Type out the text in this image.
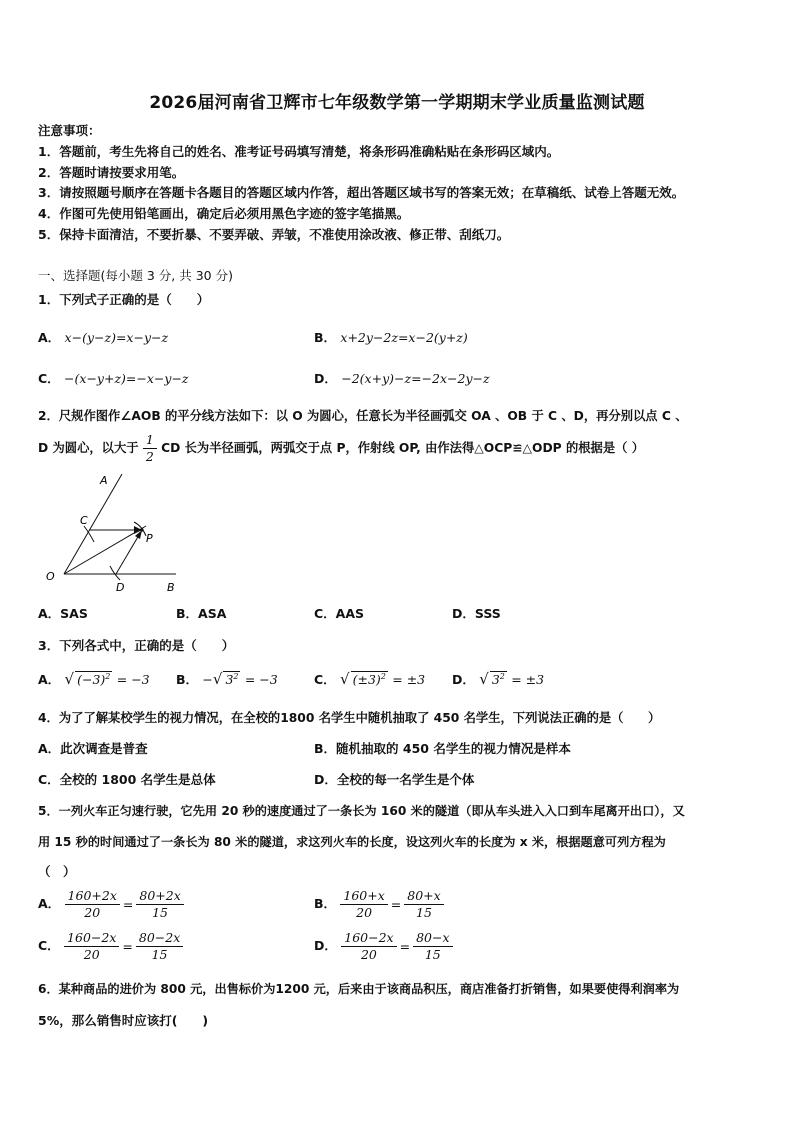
2026届河南省卫辉市七年级数学第一学期期末学业质量监测试题
注意事项：
1．答题前，考生先将自己的姓名、准考证号码填写清楚，将条形码准确粘贴在条形码区域内。
2．答题时请按要求用笔。
3．请按照题号顺序在答题卡各题目的答题区域内作答，超出答题区域书写的答案无效；在草稿纸、试卷上答题无效。
4．作图可先使用铅笔画出，确定后必须用黑色字迹的签字笔描黑。
5．保持卡面清洁，不要折暴、不要弄破、弄皱，不准使用涂改液、修正带、刮纸刀。
一、选择题(每小题 3 分, 共 30 分)
1．下列式子正确的是（　　）
A． x−(y−z)=x−y−z	B． x+2y−2z=x−2(y+z)
C． −(x−y+z)=−x−y−z	D． −2(x+y)−z=−2x−2y−z
2．尺规作图作∠AOB 的平分线方法如下：以 O 为圆心，任意长为半径画弧交 OA 、OB 于 C 、D，再分别以点 C 、
D 为圆心，以大于 $\frac{1}{2}$ CD 长为半径画弧，两弧交于点 P，作射线 OP, 由作法得△OCP≌△ODP 的根据是（ ）
A
C
P
O
D	B
A．SAS	B．ASA	C．AAS	D．SSS
3．下列各式中，正确的是（　　）
A． √ $(-3)^2 = -3$ B． −√ $3^2 = -3$	C． √ $(\pm 3)^2 = \pm 3$ D． √ $3^2 = \pm 3$
4．为了了解某校学生的视力情况，在全校的1800 名学生中随机抽取了 450 名学生，下列说法正确的是（　　）
A．此次调查是普查	B．随机抽取的 450 名学生的视力情况是样本
C．全校的 1800 名学生是总体	D．全校的每一名学生是个体
5．一列火车正匀速行驶，它先用 20 秒的速度通过了一条长为 160 米的隧道（即从车头进入入口到车尾离开出口），又
用 15 秒的时间通过了一条长为 80 米的隧道，求这列火车的长度，设这列火车的长度为 x 米，根据题意可列方程为
（　）
A． $\frac{160+2x}{20} = \frac{80+2x}{15}$	B． $\frac{160+x}{20} = \frac{80+x}{15}$
C． $\frac{160-2x}{20} = \frac{80-2x}{15}$	D． $\frac{160-2x}{20} = \frac{80-x}{15}$
6．某种商品的进价为 800 元，出售标价为1200 元，后来由于该商品积压，商店准备打折销售，如果要使得利润率为
5%，那么销售时应该打(　　)
